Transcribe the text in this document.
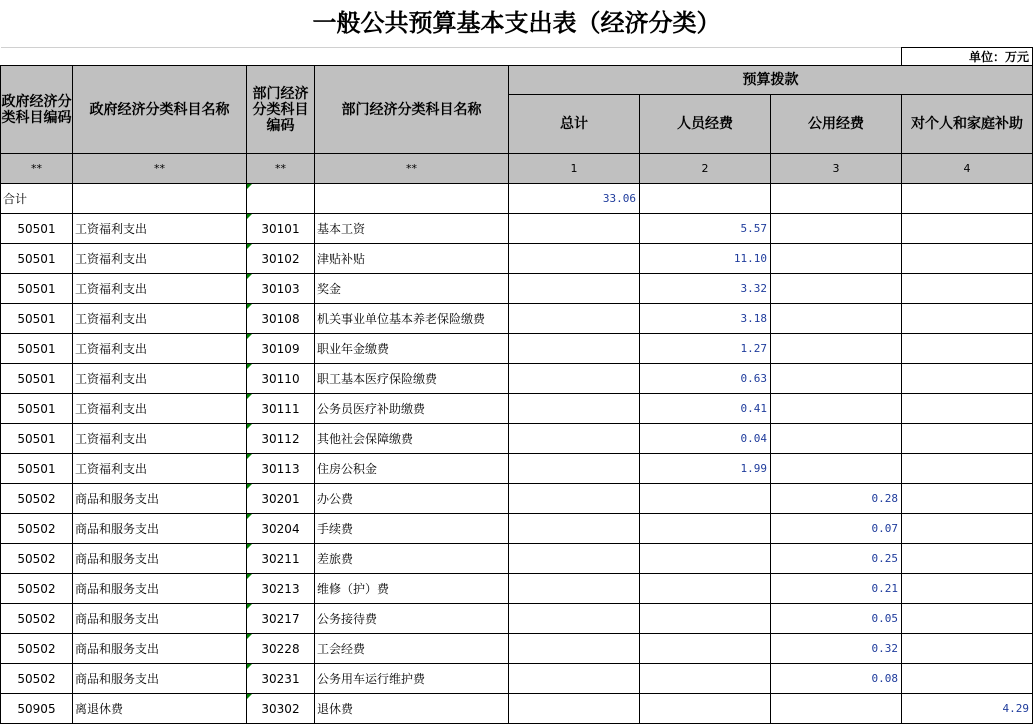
一般公共预算基本支出表（经济分类）							

							单位：万元
政府经济分类科目编码	政府经济分类科目名称	部门经济分类科目编码	部门经济分类科目名称	预算拨款			
				总计	人员经费	公用经费	对个人和家庭补助
**	**	**	**	1	2	3	4
合计				33.06			
50501	工资福利支出	30101	基本工资		5.57		
50501	工资福利支出	30102	津贴补贴		11.10		
50501	工资福利支出	30103	奖金		3.32		
50501	工资福利支出	30108	机关事业单位基本养老保险缴费		3.18		
50501	工资福利支出	30109	职业年金缴费		1.27		
50501	工资福利支出	30110	职工基本医疗保险缴费		0.63		
50501	工资福利支出	30111	公务员医疗补助缴费		0.41		
50501	工资福利支出	30112	其他社会保障缴费		0.04		
50501	工资福利支出	30113	住房公积金		1.99		
50502	商品和服务支出	30201	办公费			0.28	
50502	商品和服务支出	30204	手续费			0.07	
50502	商品和服务支出	30211	差旅费			0.25	
50502	商品和服务支出	30213	维修（护）费			0.21	
50502	商品和服务支出	30217	公务接待费			0.05	
50502	商品和服务支出	30228	工会经费			0.32	
50502	商品和服务支出	30231	公务用车运行维护费			0.08	
50905	离退休费	30302	退休费				4.29
